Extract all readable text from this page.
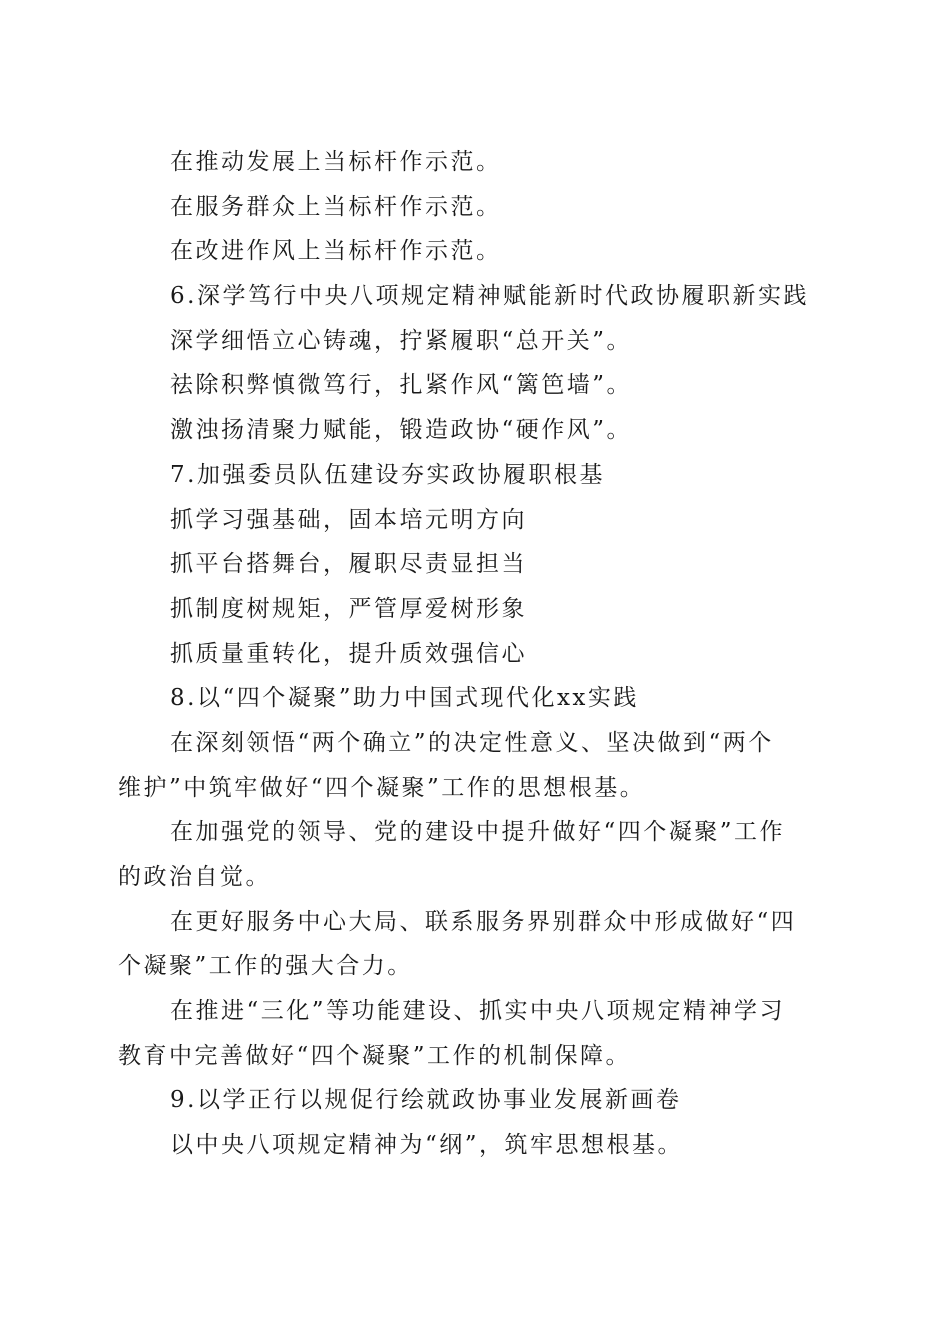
在推动发展上当标杆作示范。
在服务群众上当标杆作示范。
在改进作风上当标杆作示范。
6.深学笃行中央八项规定精神赋能新时代政协履职新实践
深学细悟立心铸魂，拧紧履职“总开关”。
祛除积弊慎微笃行，扎紧作风“篱笆墙”。
激浊扬清聚力赋能，锻造政协“硬作风”。
7.加强委员队伍建设夯实政协履职根基
抓学习强基础，固本培元明方向
抓平台搭舞台，履职尽责显担当
抓制度树规矩，严管厚爱树形象
抓质量重转化，提升质效强信心
8.以“四个凝聚”助力中国式现代化xx实践
在深刻领悟“两个确立”的决定性意义、坚决做到“两个
维护”中筑牢做好“四个凝聚”工作的思想根基。
在加强党的领导、党的建设中提升做好“四个凝聚”工作
的政治自觉。
在更好服务中心大局、联系服务界别群众中形成做好“四
个凝聚”工作的强大合力。
在推进“三化”等功能建设、抓实中央八项规定精神学习
教育中完善做好“四个凝聚”工作的机制保障。
9.以学正行以规促行绘就政协事业发展新画卷
以中央八项规定精神为“纲”，筑牢思想根基。
